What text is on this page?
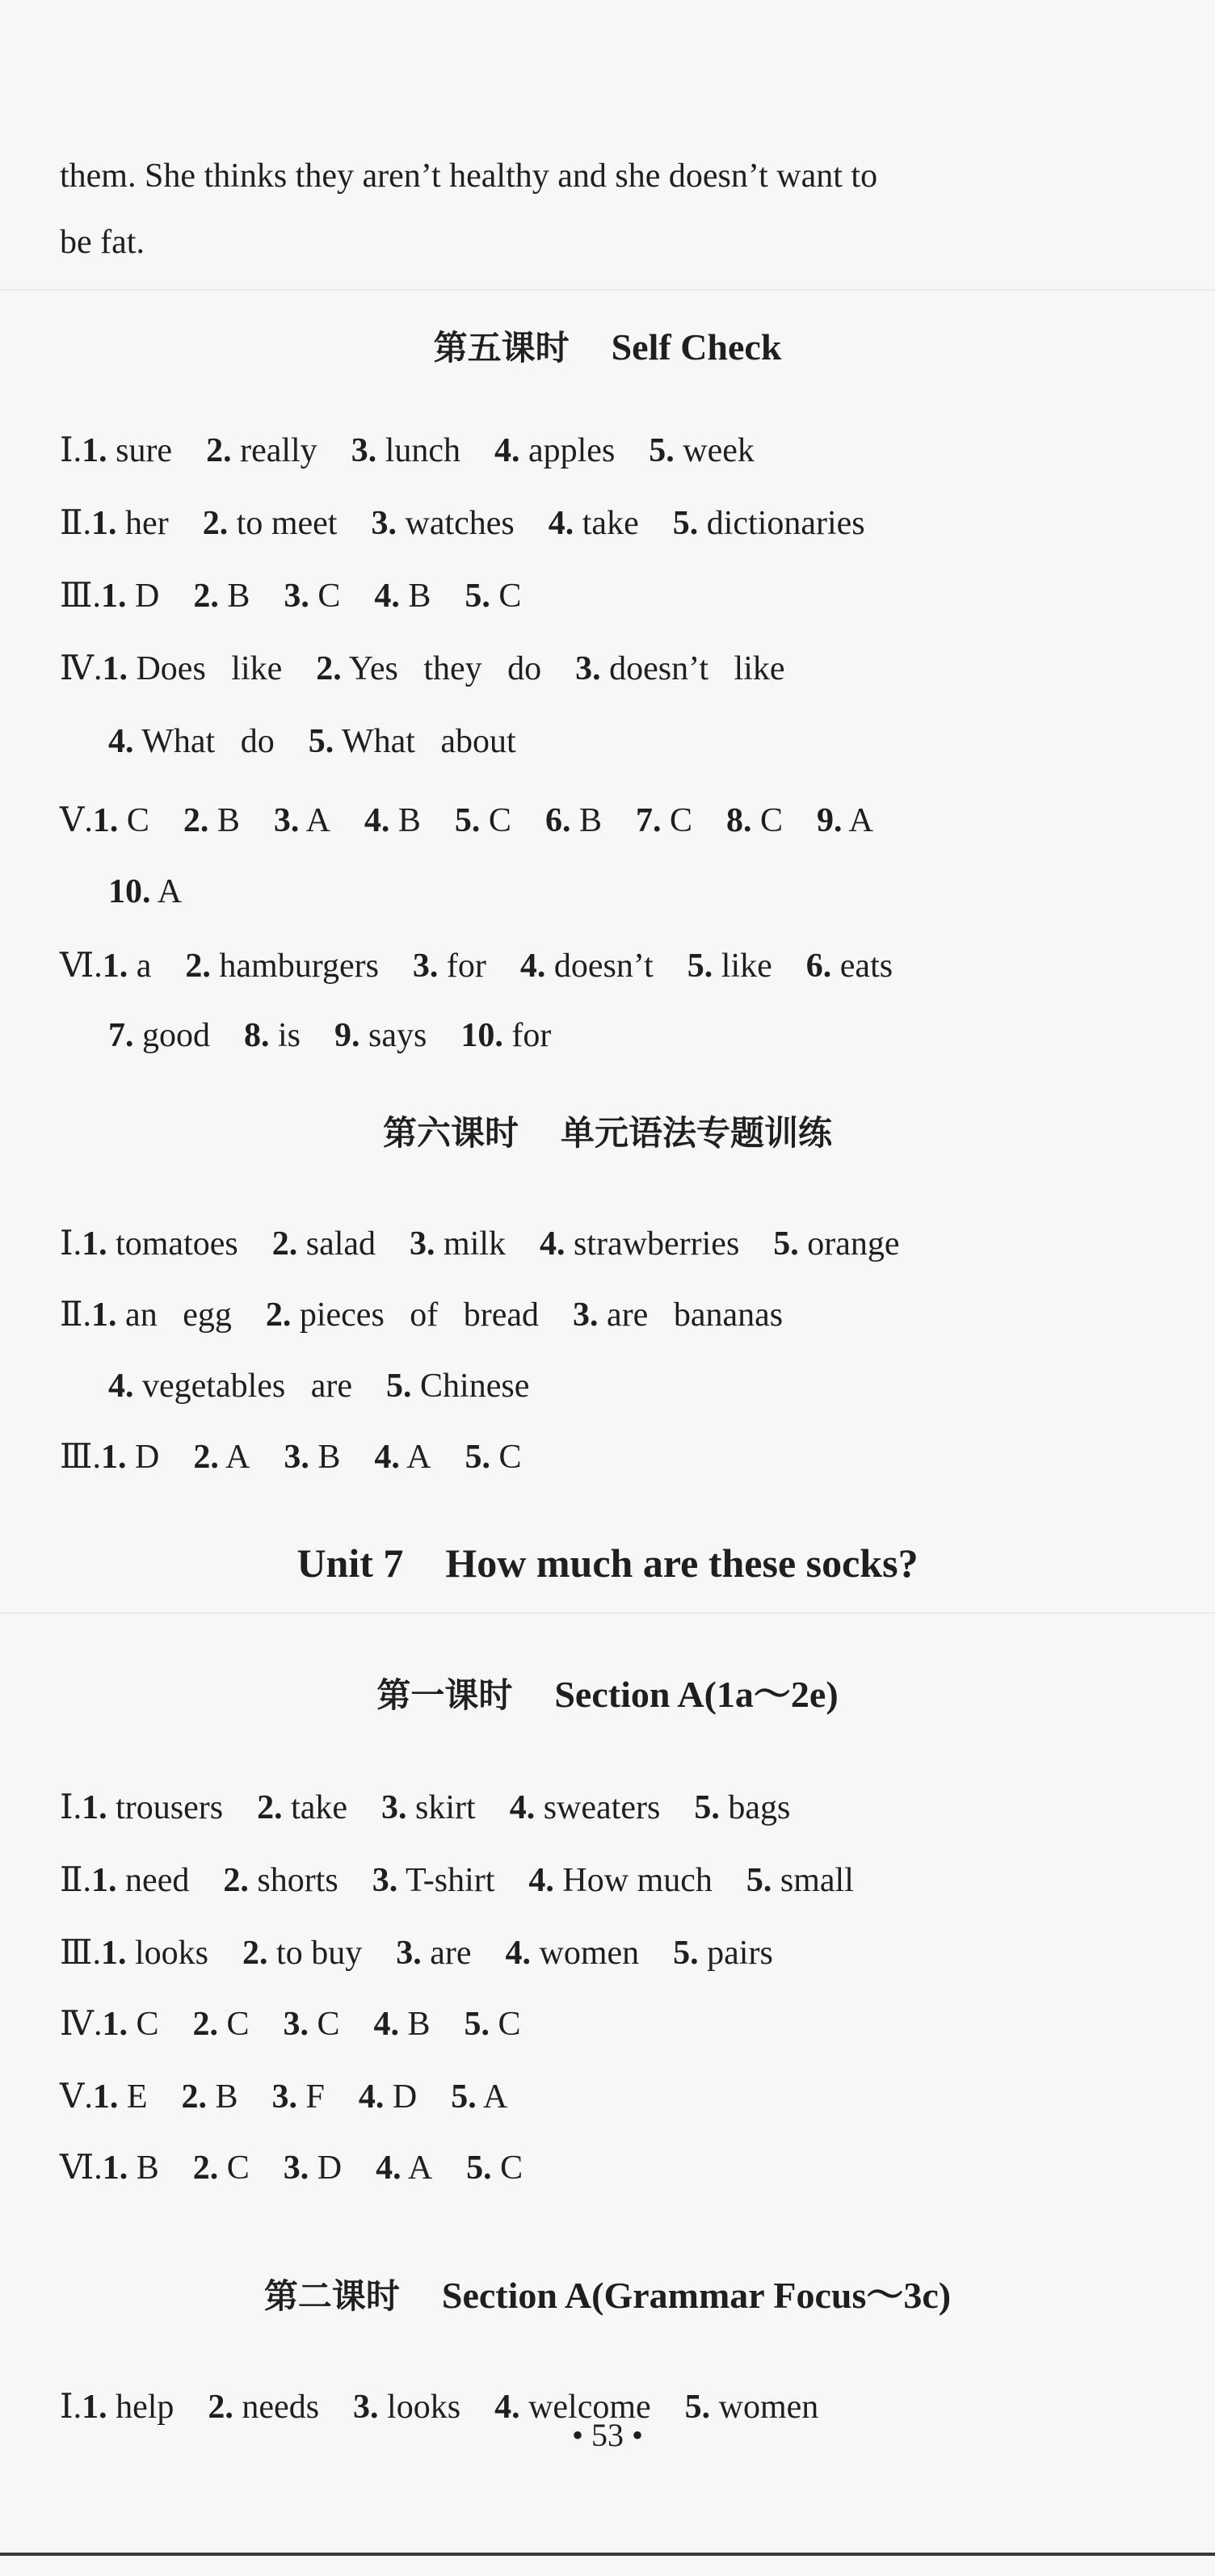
them. She thinks they aren’t healthy and she doesn’t want to
be fat.
第五课时 Self Check
Ⅰ.1. sure 2. really 3. lunch 4. apples 5. week
Ⅱ.1. her 2. to meet 3. watches 4. take 5. dictionaries
Ⅲ.1. D 2. B 3. C 4. B 5. C
Ⅳ.1. Does   like 2. Yes   they   do 3. doesn’t   like
4. What   do 5. What   about
Ⅴ.1. C 2. B 3. A 4. B 5. C 6. B 7. C 8. C 9. A
10. A
Ⅵ.1. a 2. hamburgers 3. for 4. doesn’t 5. like 6. eats
7. good 8. is 9. says 10. for
第六课时 单元语法专题训练
Ⅰ.1. tomatoes 2. salad 3. milk 4. strawberries 5. orange
Ⅱ.1. an   egg 2. pieces   of   bread 3. are   bananas
4. vegetables   are 5. Chinese
Ⅲ.1. D 2. A 3. B 4. A 5. C
Unit 7 How much are these socks?
第一课时 Section A(1a～2e)
Ⅰ.1. trousers 2. take 3. skirt 4. sweaters 5. bags
Ⅱ.1. need 2. shorts 3. T-shirt 4. How much 5. small
Ⅲ.1. looks 2. to buy 3. are 4. women 5. pairs
Ⅳ.1. C 2. C 3. C 4. B 5. C
Ⅴ.1. E 2. B 3. F 4. D 5. A
Ⅵ.1. B 2. C 3. D 4. A 5. C
第二课时 Section A(Grammar Focus～3c)
Ⅰ.1. help 2. needs 3. looks 4. welcome 5. women
• 53 •
